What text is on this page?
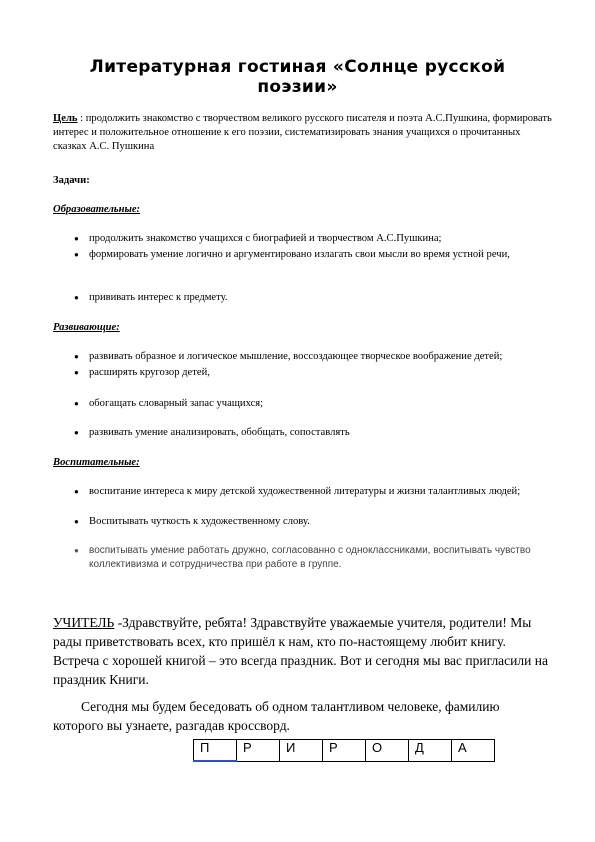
Литературная гостиная «Солнце русской поэзии»
Цель : продолжить знакомство с творчеством великого русского писателя и поэта А.С.Пушкина, формировать интерес и положительное отношение к его поэзии, систематизировать знания учащихся о прочитанных сказках А.С. Пушкина
Задачи:
Образовательные:
● продолжить знакомство учащихся с биографией и творчеством А.С.Пушкина;
● формировать умение логично и аргументировано излагать свои мысли во время устной речи,
● прививать интерес к предмету.
Развивающие:
● развивать образное и логическое мышление, воссоздающее творческое воображение детей;
● расширять кругозор детей,
● обогащать словарный запас учащихся;
● развивать умение анализировать, обобщать, сопоставлять
Воспитательные:
● воспитание интереса к миру детской художественной литературы и жизни талантливых людей;
● Воспитывать чуткость к художественному слову.
● воспитывать умение работать дружно, согласованно с одноклассниками, воспитывать чувство коллективизма и сотрудничества при работе в группе.
УЧИТЕЛЬ -Здравствуйте, ребята! Здравствуйте уважаемые учителя, родители! Мы рады приветствовать всех, кто пришёл к нам, кто по-настоящему любит книгу. Встреча с хорошей книгой – это всегда праздник. Вот и сегодня мы вас пригласили на праздник Книги.
Сегодня мы будем беседовать об одном талантливом человеке, фамилию которого вы узнаете, разгадав кроссворд.
П	Р	И	Р	О	Д	А
